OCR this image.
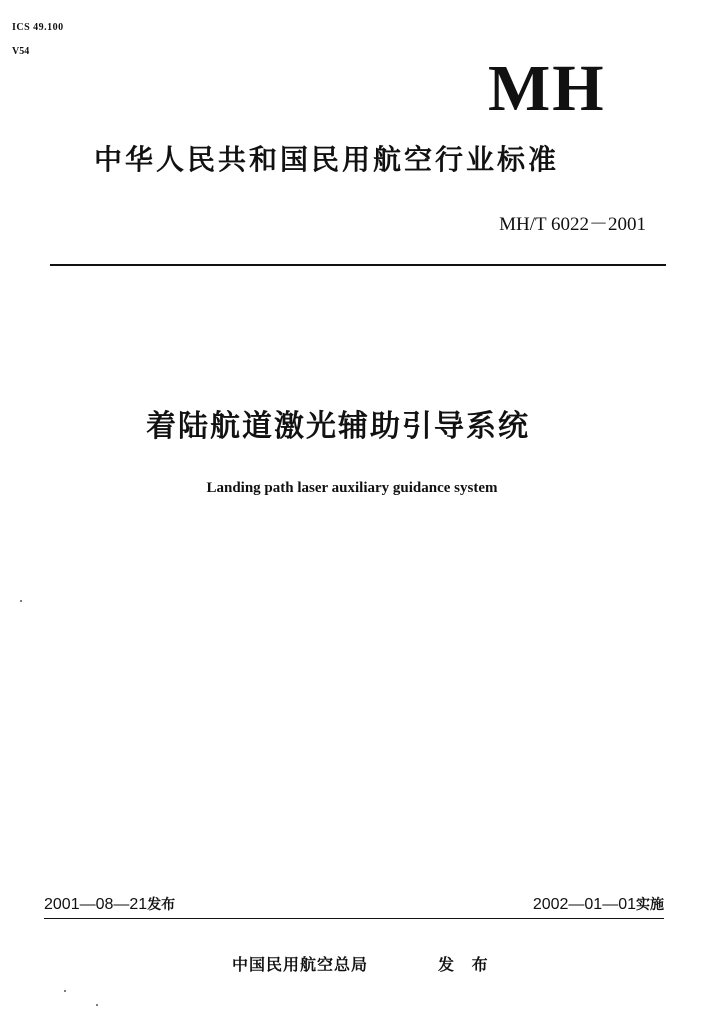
ICS 49.100
V54
MH
中华人民共和国民用航空行业标准
MH/T 6022－2001
着陆航道激光辅助引导系统
Landing path laser auxiliary guidance system
2001—08—21发布	2002—01—01实施
中国民用航空总局	发 布
